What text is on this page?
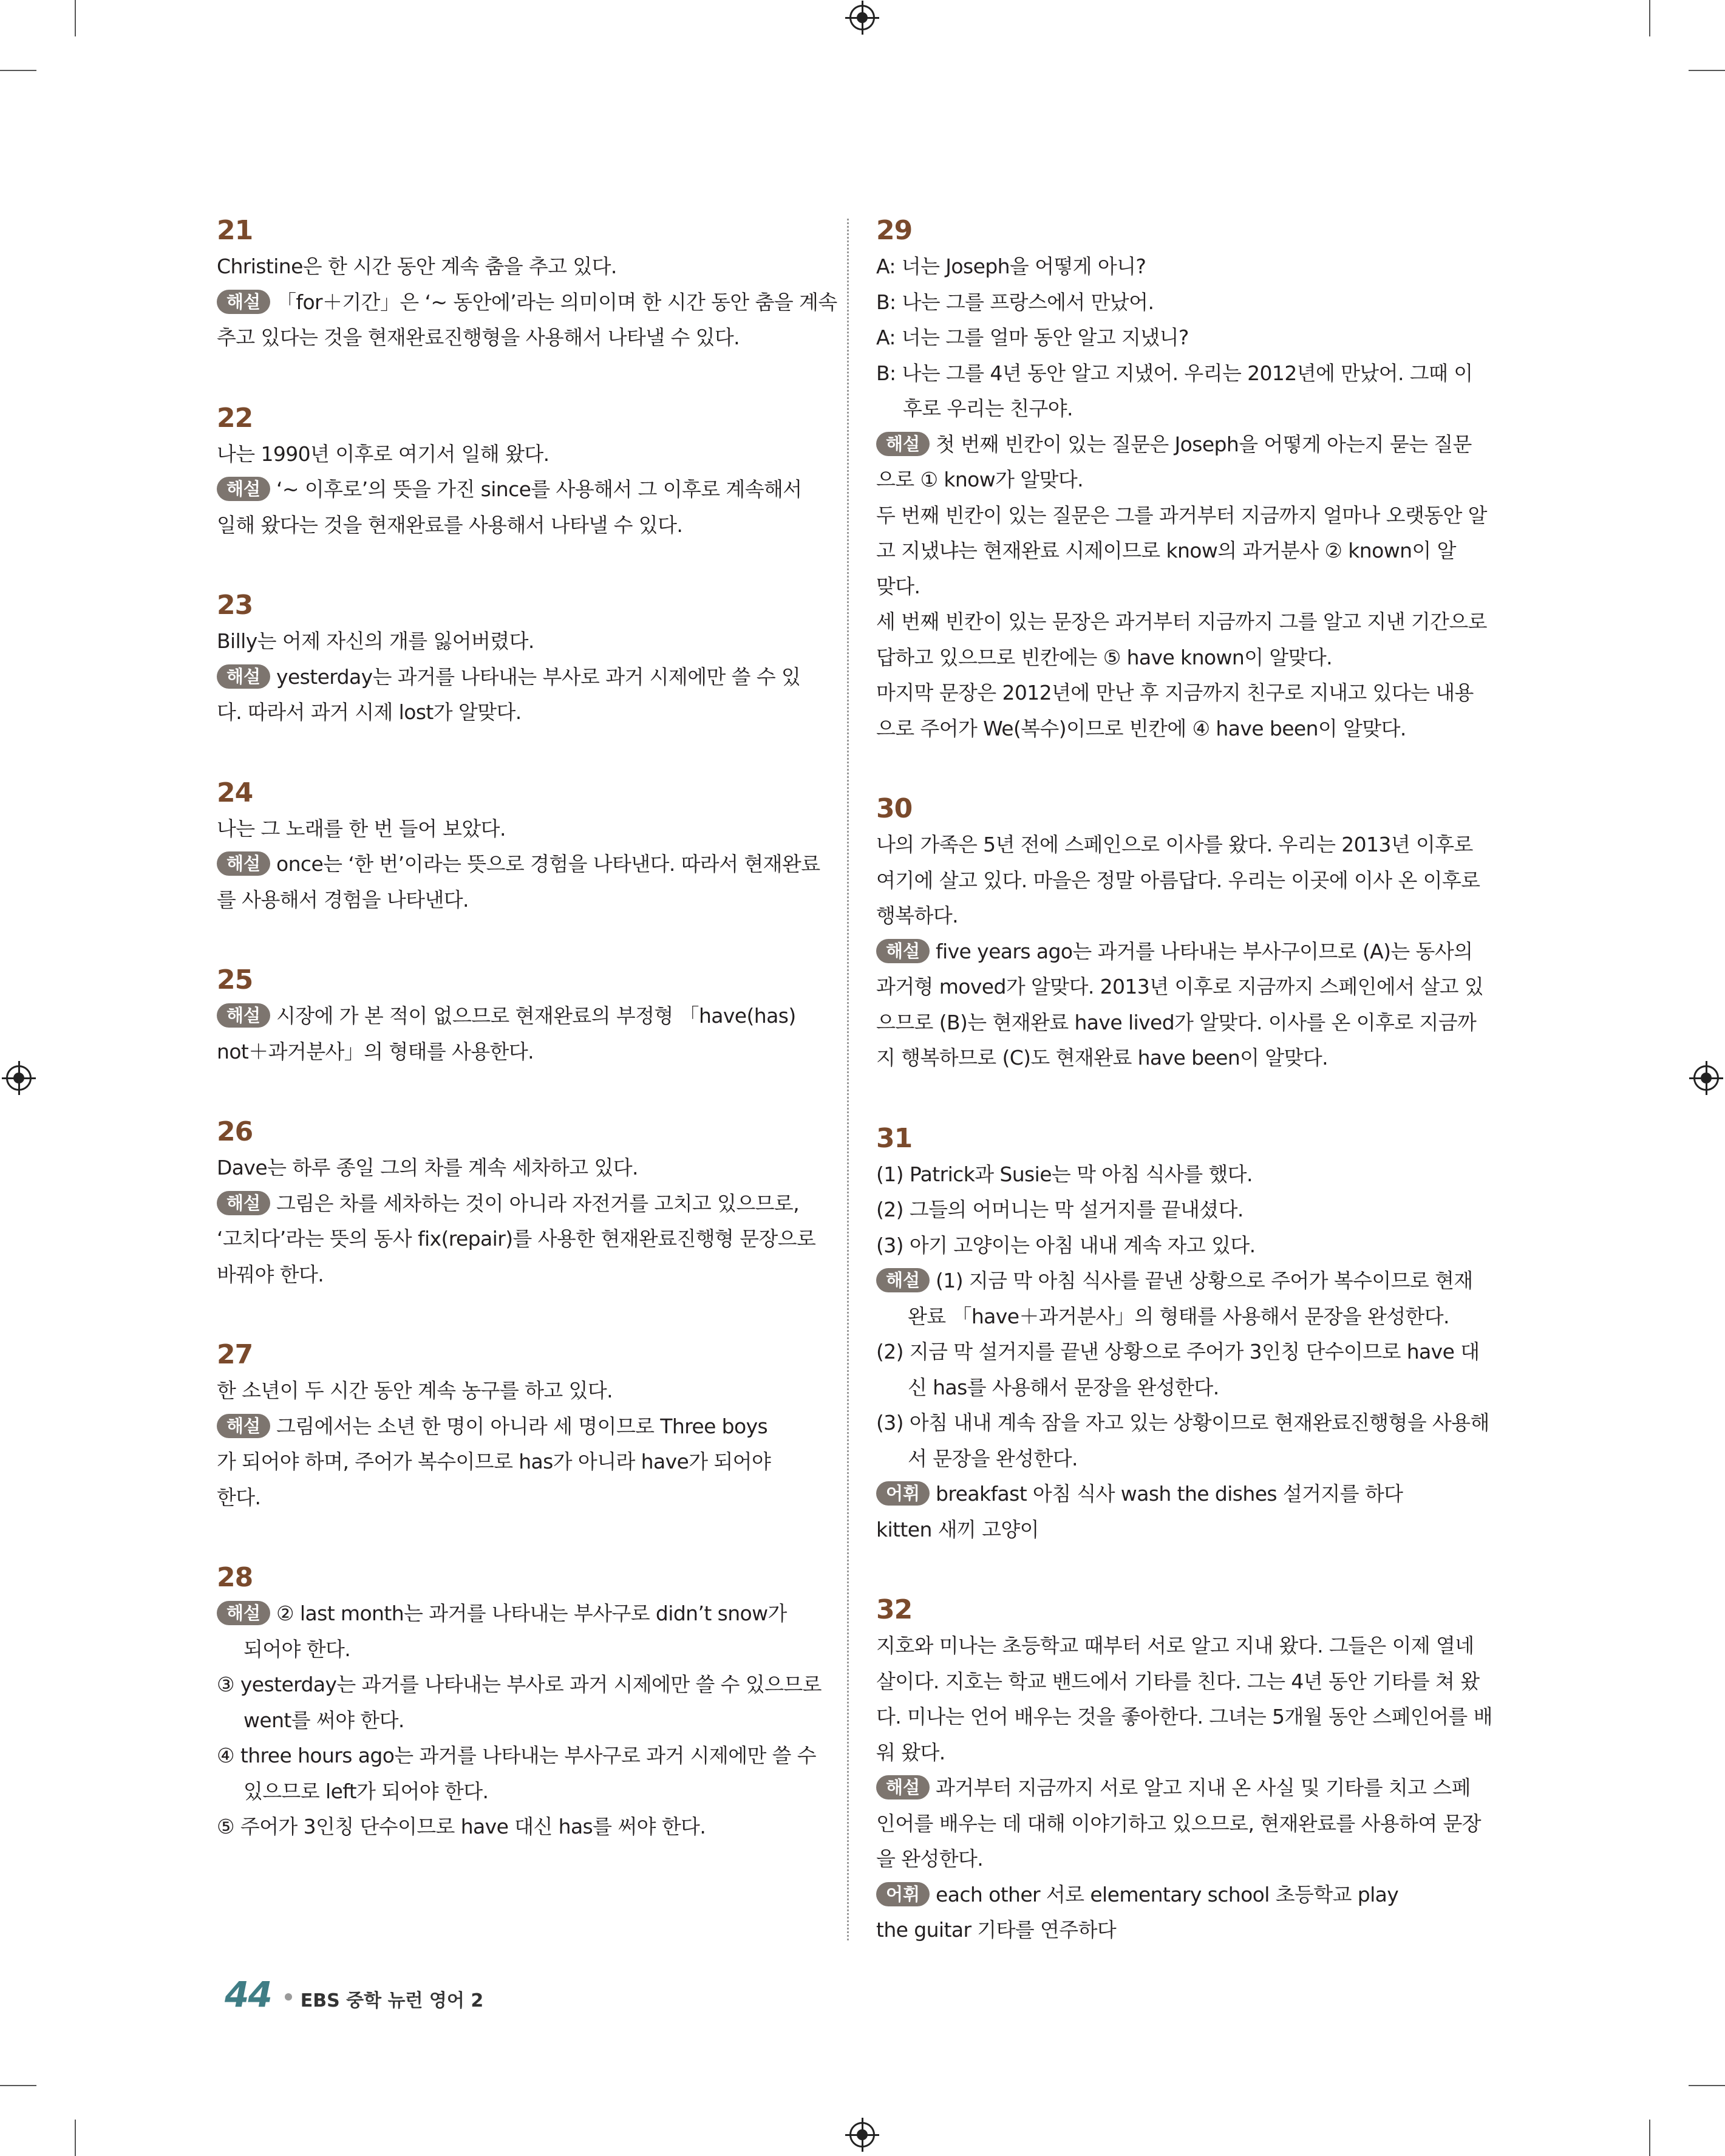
21
Christine은 한 시간 동안 계속 춤을 추고 있다.
해설 「for＋기간」은 ‘~ 동안에’라는 의미이며 한 시간 동안 춤을 계속
추고 있다는 것을 현재완료진행형을 사용해서 나타낼 수 있다.
22
나는 1990년 이후로 여기서 일해 왔다.
해설 ‘~ 이후로’의 뜻을 가진 since를 사용해서 그 이후로 계속해서
일해 왔다는 것을 현재완료를 사용해서 나타낼 수 있다.
23
Billy는 어제 자신의 개를 잃어버렸다.
해설 yesterday는 과거를 나타내는 부사로 과거 시제에만 쓸 수 있
다. 따라서 과거 시제 lost가 알맞다.
24
나는 그 노래를 한 번 들어 보았다.
해설 once는 ‘한 번’이라는 뜻으로 경험을 나타낸다. 따라서 현재완료
를 사용해서 경험을 나타낸다.
25
해설 시장에 가 본 적이 없으므로 현재완료의 부정형 「have(has)
not＋과거분사」의 형태를 사용한다.
26
Dave는 하루 종일 그의 차를 계속 세차하고 있다.
해설 그림은 차를 세차하는 것이 아니라 자전거를 고치고 있으므로,
‘고치다’라는 뜻의 동사 fix(repair)를 사용한 현재완료진행형 문장으로
바꿔야 한다.
27
한 소년이 두 시간 동안 계속 농구를 하고 있다.
해설 그림에서는 소년 한 명이 아니라 세 명이므로 Three boys
가 되어야 하며, 주어가 복수이므로 has가 아니라 have가 되어야
한다.
28
해설 ② last month는 과거를 나타내는 부사구로 didn’t snow가
되어야 한다.
③ yesterday는 과거를 나타내는 부사로 과거 시제에만 쓸 수 있으므로
went를 써야 한다.
④ three hours ago는 과거를 나타내는 부사구로 과거 시제에만 쓸 수
있으므로 left가 되어야 한다.
⑤ 주어가 3인칭 단수이므로 have 대신 has를 써야 한다.
29
A: 너는 Joseph을 어떻게 아니?
B: 나는 그를 프랑스에서 만났어.
A: 너는 그를 얼마 동안 알고 지냈니?
B: 나는 그를 4년 동안 알고 지냈어. 우리는 2012년에 만났어. 그때 이
후로 우리는 친구야.
해설 첫 번째 빈칸이 있는 질문은 Joseph을 어떻게 아는지 묻는 질문
으로 ① know가 알맞다.
두 번째 빈칸이 있는 질문은 그를 과거부터 지금까지 얼마나 오랫동안 알
고 지냈냐는 현재완료 시제이므로 know의 과거분사 ② known이 알
맞다.
세 번째 빈칸이 있는 문장은 과거부터 지금까지 그를 알고 지낸 기간으로
답하고 있으므로 빈칸에는 ⑤ have known이 알맞다.
마지막 문장은 2012년에 만난 후 지금까지 친구로 지내고 있다는 내용
으로 주어가 We(복수)이므로 빈칸에 ④ have been이 알맞다.
30
나의 가족은 5년 전에 스페인으로 이사를 왔다. 우리는 2013년 이후로
여기에 살고 있다. 마을은 정말 아름답다. 우리는 이곳에 이사 온 이후로
행복하다.
해설 five years ago는 과거를 나타내는 부사구이므로 (A)는 동사의
과거형 moved가 알맞다. 2013년 이후로 지금까지 스페인에서 살고 있
으므로 (B)는 현재완료 have lived가 알맞다. 이사를 온 이후로 지금까
지 행복하므로 (C)도 현재완료 have been이 알맞다.
31
(1) Patrick과 Susie는 막 아침 식사를 했다.
(2) 그들의 어머니는 막 설거지를 끝내셨다.
(3) 아기 고양이는 아침 내내 계속 자고 있다.
해설 (1) 지금 막 아침 식사를 끝낸 상황으로 주어가 복수이므로 현재
완료 「have＋과거분사」의 형태를 사용해서 문장을 완성한다.
(2) 지금 막 설거지를 끝낸 상황으로 주어가 3인칭 단수이므로 have 대
신 has를 사용해서 문장을 완성한다.
(3) 아침 내내 계속 잠을 자고 있는 상황이므로 현재완료진행형을 사용해
서 문장을 완성한다.
어휘 breakfast 아침 식사 wash the dishes 설거지를 하다
kitten 새끼 고양이
32
지호와 미나는 초등학교 때부터 서로 알고 지내 왔다. 그들은 이제 열네
살이다. 지호는 학교 밴드에서 기타를 친다. 그는 4년 동안 기타를 쳐 왔
다. 미나는 언어 배우는 것을 좋아한다. 그녀는 5개월 동안 스페인어를 배
워 왔다.
해설 과거부터 지금까지 서로 알고 지내 온 사실 및 기타를 치고 스페
인어를 배우는 데 대해 이야기하고 있으므로, 현재완료를 사용하여 문장
을 완성한다.
어휘 each other 서로 elementary school 초등학교 play
the guitar 기타를 연주하다
44 EBS 중학 뉴런 영어 2
